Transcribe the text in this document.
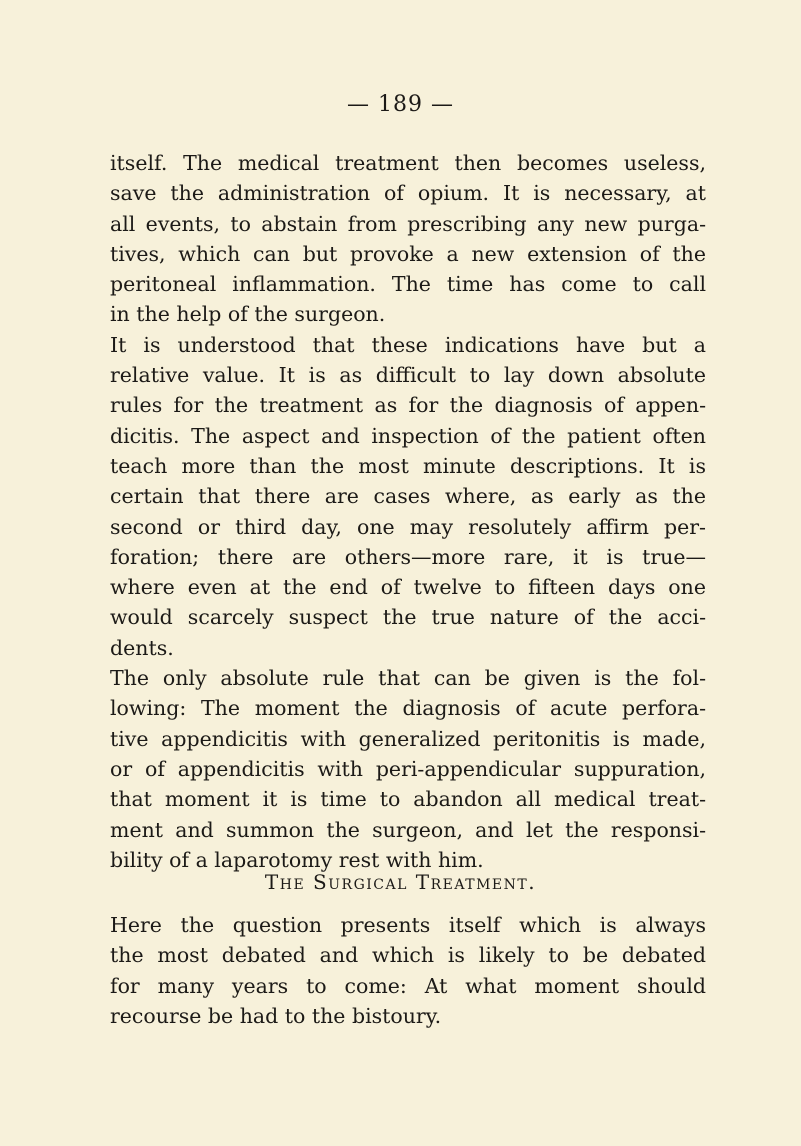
— 189 —
itself. The medical treatment then becomes useless,
save the administration of opium. It is necessary, at
all events, to abstain from prescribing any new purga-
tives, which can but provoke a new extension of the
peritoneal inflammation. The time has come to call
in the help of the surgeon.
It is understood that these indications have but a
relative value. It is as difficult to lay down absolute
rules for the treatment as for the diagnosis of appen-
dicitis. The aspect and inspection of the patient often
teach more than the most minute descriptions. It is
certain that there are cases where, as early as the
second or third day, one may resolutely affirm per-
foration; there are others—more rare, it is true—
where even at the end of twelve to fifteen days one
would scarcely suspect the true nature of the acci-
dents.
The only absolute rule that can be given is the fol-
lowing: The moment the diagnosis of acute perfora-
tive appendicitis with generalized peritonitis is made,
or of appendicitis with peri-appendicular suppuration,
that moment it is time to abandon all medical treat-
ment and summon the surgeon, and let the responsi-
bility of a laparotomy rest with him.
The Surgical Treatment.
Here the question presents itself which is always
the most debated and which is likely to be debated
for many years to come: At what moment should
recourse be had to the bistoury.
